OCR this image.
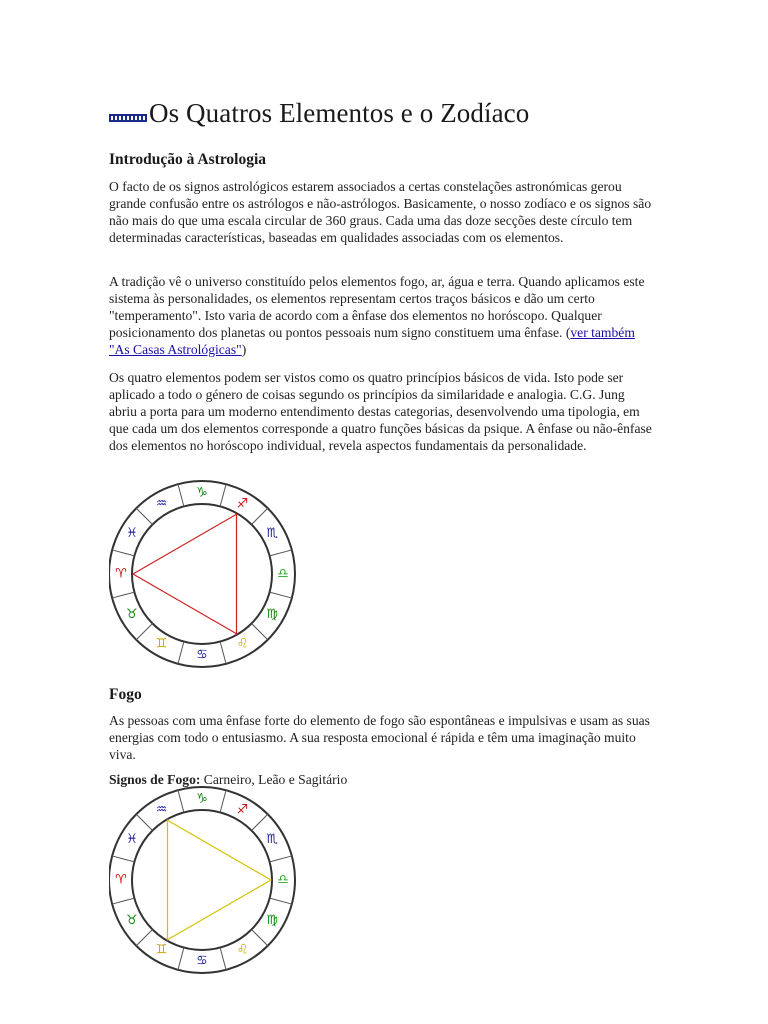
Os Quatros Elementos e o Zodíaco
Introdução à Astrologia

O facto de os signos astrológicos estarem associados a certas constelações astronómicas gerou grande confusão entre os astrólogos e não-astrólogos. Basicamente, o nosso zodíaco e os signos são não mais do que uma escala circular de 360 graus. Cada uma das doze secções deste círculo tem determinadas características, baseadas em qualidades associadas com os elementos.

A tradição vê o universo constituído pelos elementos fogo, ar, água e terra. Quando aplicamos este sistema às personalidades, os elementos representam certos traços básicos e dão um certo "temperamento". Isto varia de acordo com a ênfase dos elementos no horóscopo. Qualquer posicionamento dos planetas ou pontos pessoais num signo constituem uma ênfase. (ver também "As Casas Astrológicas")

Os quatro elementos podem ser vistos como os quatro princípios básicos de vida. Isto pode ser aplicado a todo o género de coisas segundo os princípios da similaridade e analogia. C.G. Jung abriu a porta para um moderno entendimento destas categorias, desenvolvendo uma tipologia, em que cada um dos elementos corresponde a quatro funções básicas da psique. A ênfase ou não-ênfase dos elementos no horóscopo individual, revela aspectos fundamentais da personalidade.

♈
♓
♒
♑
♐
♏
♎
♍
♌
♋
♊
♉
Fogo

As pessoas com uma ênfase forte do elemento de fogo são espontâneas e impulsivas e usam as suas energias com todo o entusiasmo. A sua resposta emocional é rápida e têm uma imaginação muito viva.

Signos de Fogo: Carneiro, Leão e Sagitário

♈
♓
♒
♑
♐
♏
♎
♍
♌
♋
♊
♉
